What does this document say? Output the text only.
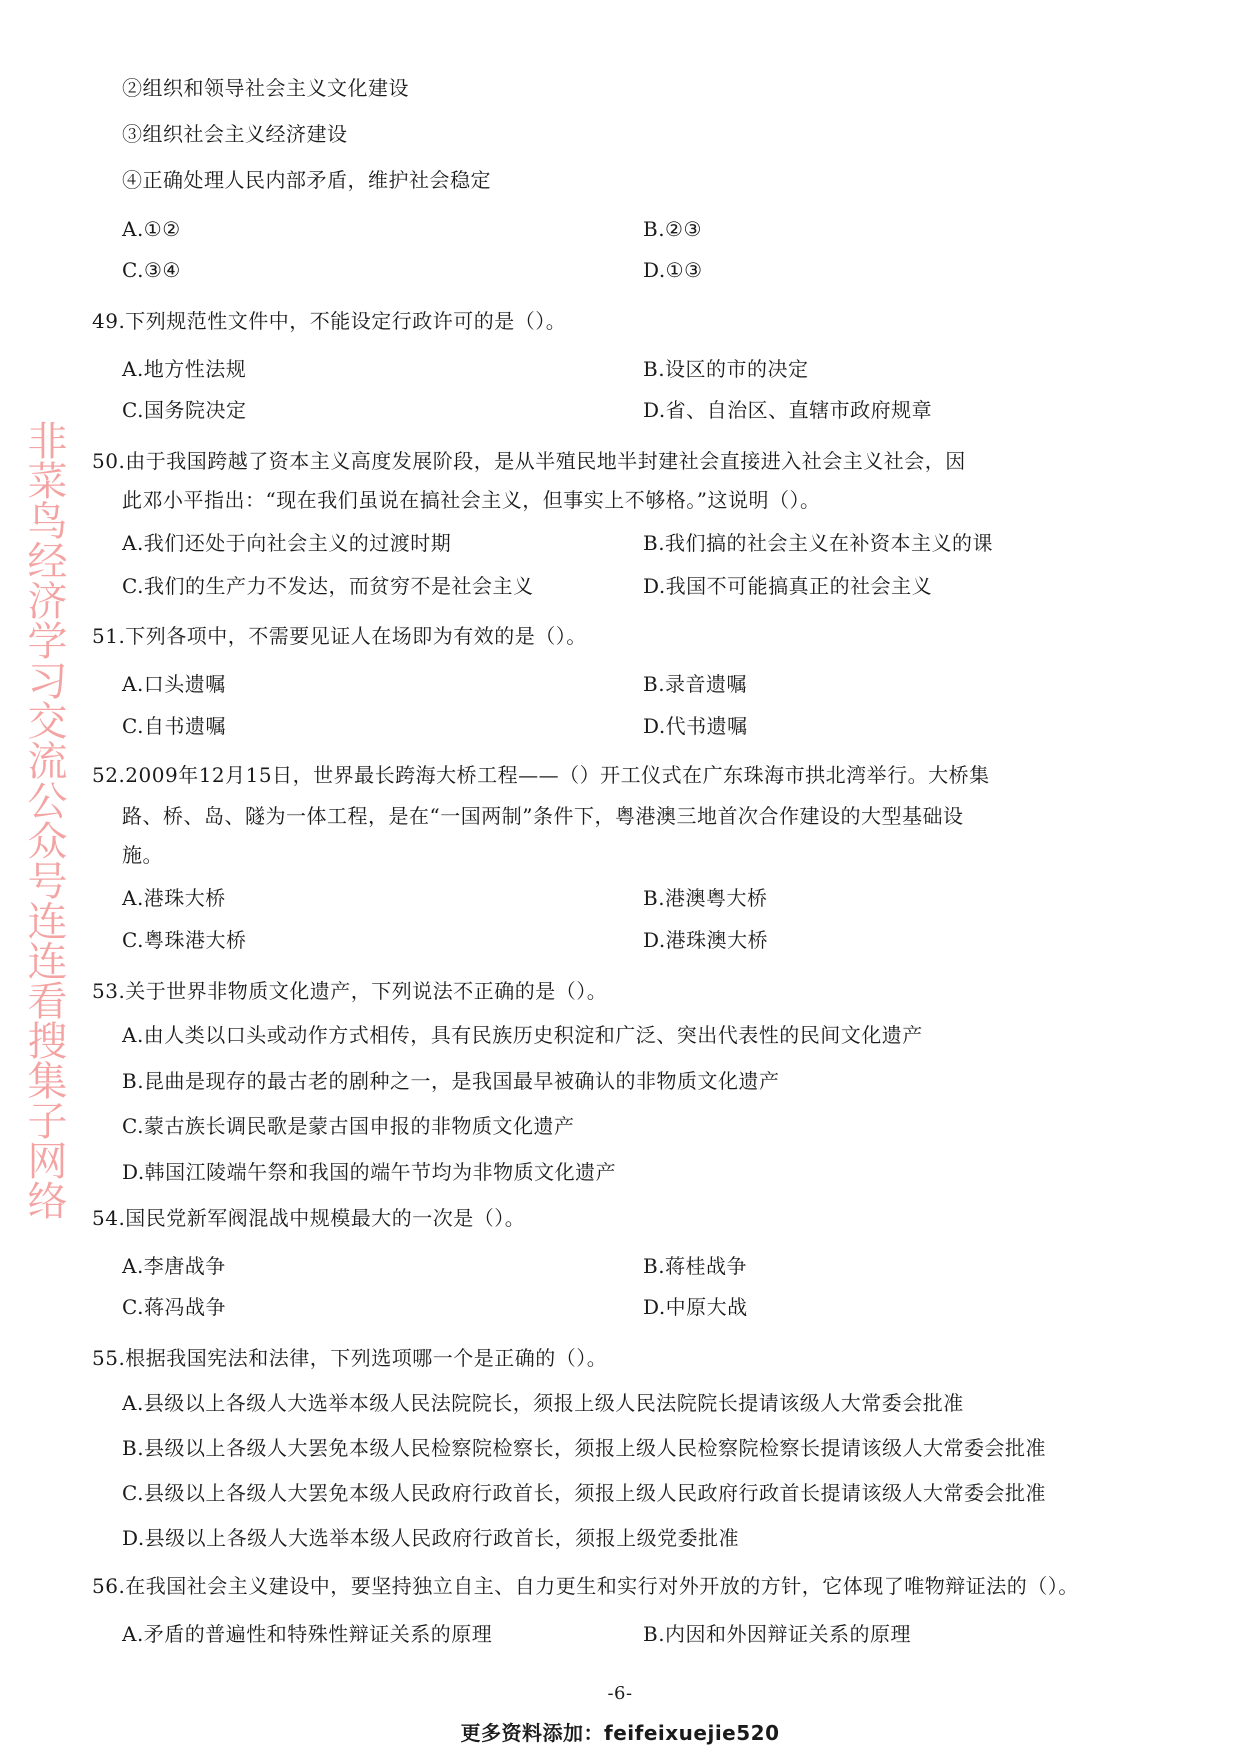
非菜鸟经济学习交流公众号连连看搜集子网络
②组织和领导社会主义文化建设
③组织社会主义经济建设
④正确处理人民内部矛盾，维护社会稳定
A.①②	B.②③
C.③④	D.①③
49.下列规范性文件中，不能设定行政许可的是（）。
A.地方性法规	B.设区的市的决定
C.国务院决定	D.省、自治区、直辖市政府规章
50.由于我国跨越了资本主义高度发展阶段，是从半殖民地半封建社会直接进入社会主义社会，因
此邓小平指出：“现在我们虽说在搞社会主义，但事实上不够格。”这说明（）。
A.我们还处于向社会主义的过渡时期	B.我们搞的社会主义在补资本主义的课
C.我们的生产力不发达，而贫穷不是社会主义	D.我国不可能搞真正的社会主义
51.下列各项中，不需要见证人在场即为有效的是（）。
A.口头遗嘱	B.录音遗嘱
C.自书遗嘱	D.代书遗嘱
52.2009年12月15日，世界最长跨海大桥工程——（）开工仪式在广东珠海市拱北湾举行。大桥集
路、桥、岛、隧为一体工程，是在“一国两制”条件下，粤港澳三地首次合作建设的大型基础设
施。
A.港珠大桥	B.港澳粤大桥
C.粤珠港大桥	D.港珠澳大桥
53.关于世界非物质文化遗产，下列说法不正确的是（）。
A.由人类以口头或动作方式相传，具有民族历史积淀和广泛、突出代表性的民间文化遗产
B.昆曲是现存的最古老的剧种之一，是我国最早被确认的非物质文化遗产
C.蒙古族长调民歌是蒙古国申报的非物质文化遗产
D.韩国江陵端午祭和我国的端午节均为非物质文化遗产
54.国民党新军阀混战中规模最大的一次是（）。
A.李唐战争	B.蒋桂战争
C.蒋冯战争	D.中原大战
55.根据我国宪法和法律，下列选项哪一个是正确的（）。
A.县级以上各级人大选举本级人民法院院长，须报上级人民法院院长提请该级人大常委会批准
B.县级以上各级人大罢免本级人民检察院检察长，须报上级人民检察院检察长提请该级人大常委会批准
C.县级以上各级人大罢免本级人民政府行政首长，须报上级人民政府行政首长提请该级人大常委会批准
D.县级以上各级人大选举本级人民政府行政首长，须报上级党委批准
56.在我国社会主义建设中，要坚持独立自主、自力更生和实行对外开放的方针，它体现了唯物辩证法的（）。
A.矛盾的普遍性和特殊性辩证关系的原理	B.内因和外因辩证关系的原理
-6-
更多资料添加：feifeixuejie520
